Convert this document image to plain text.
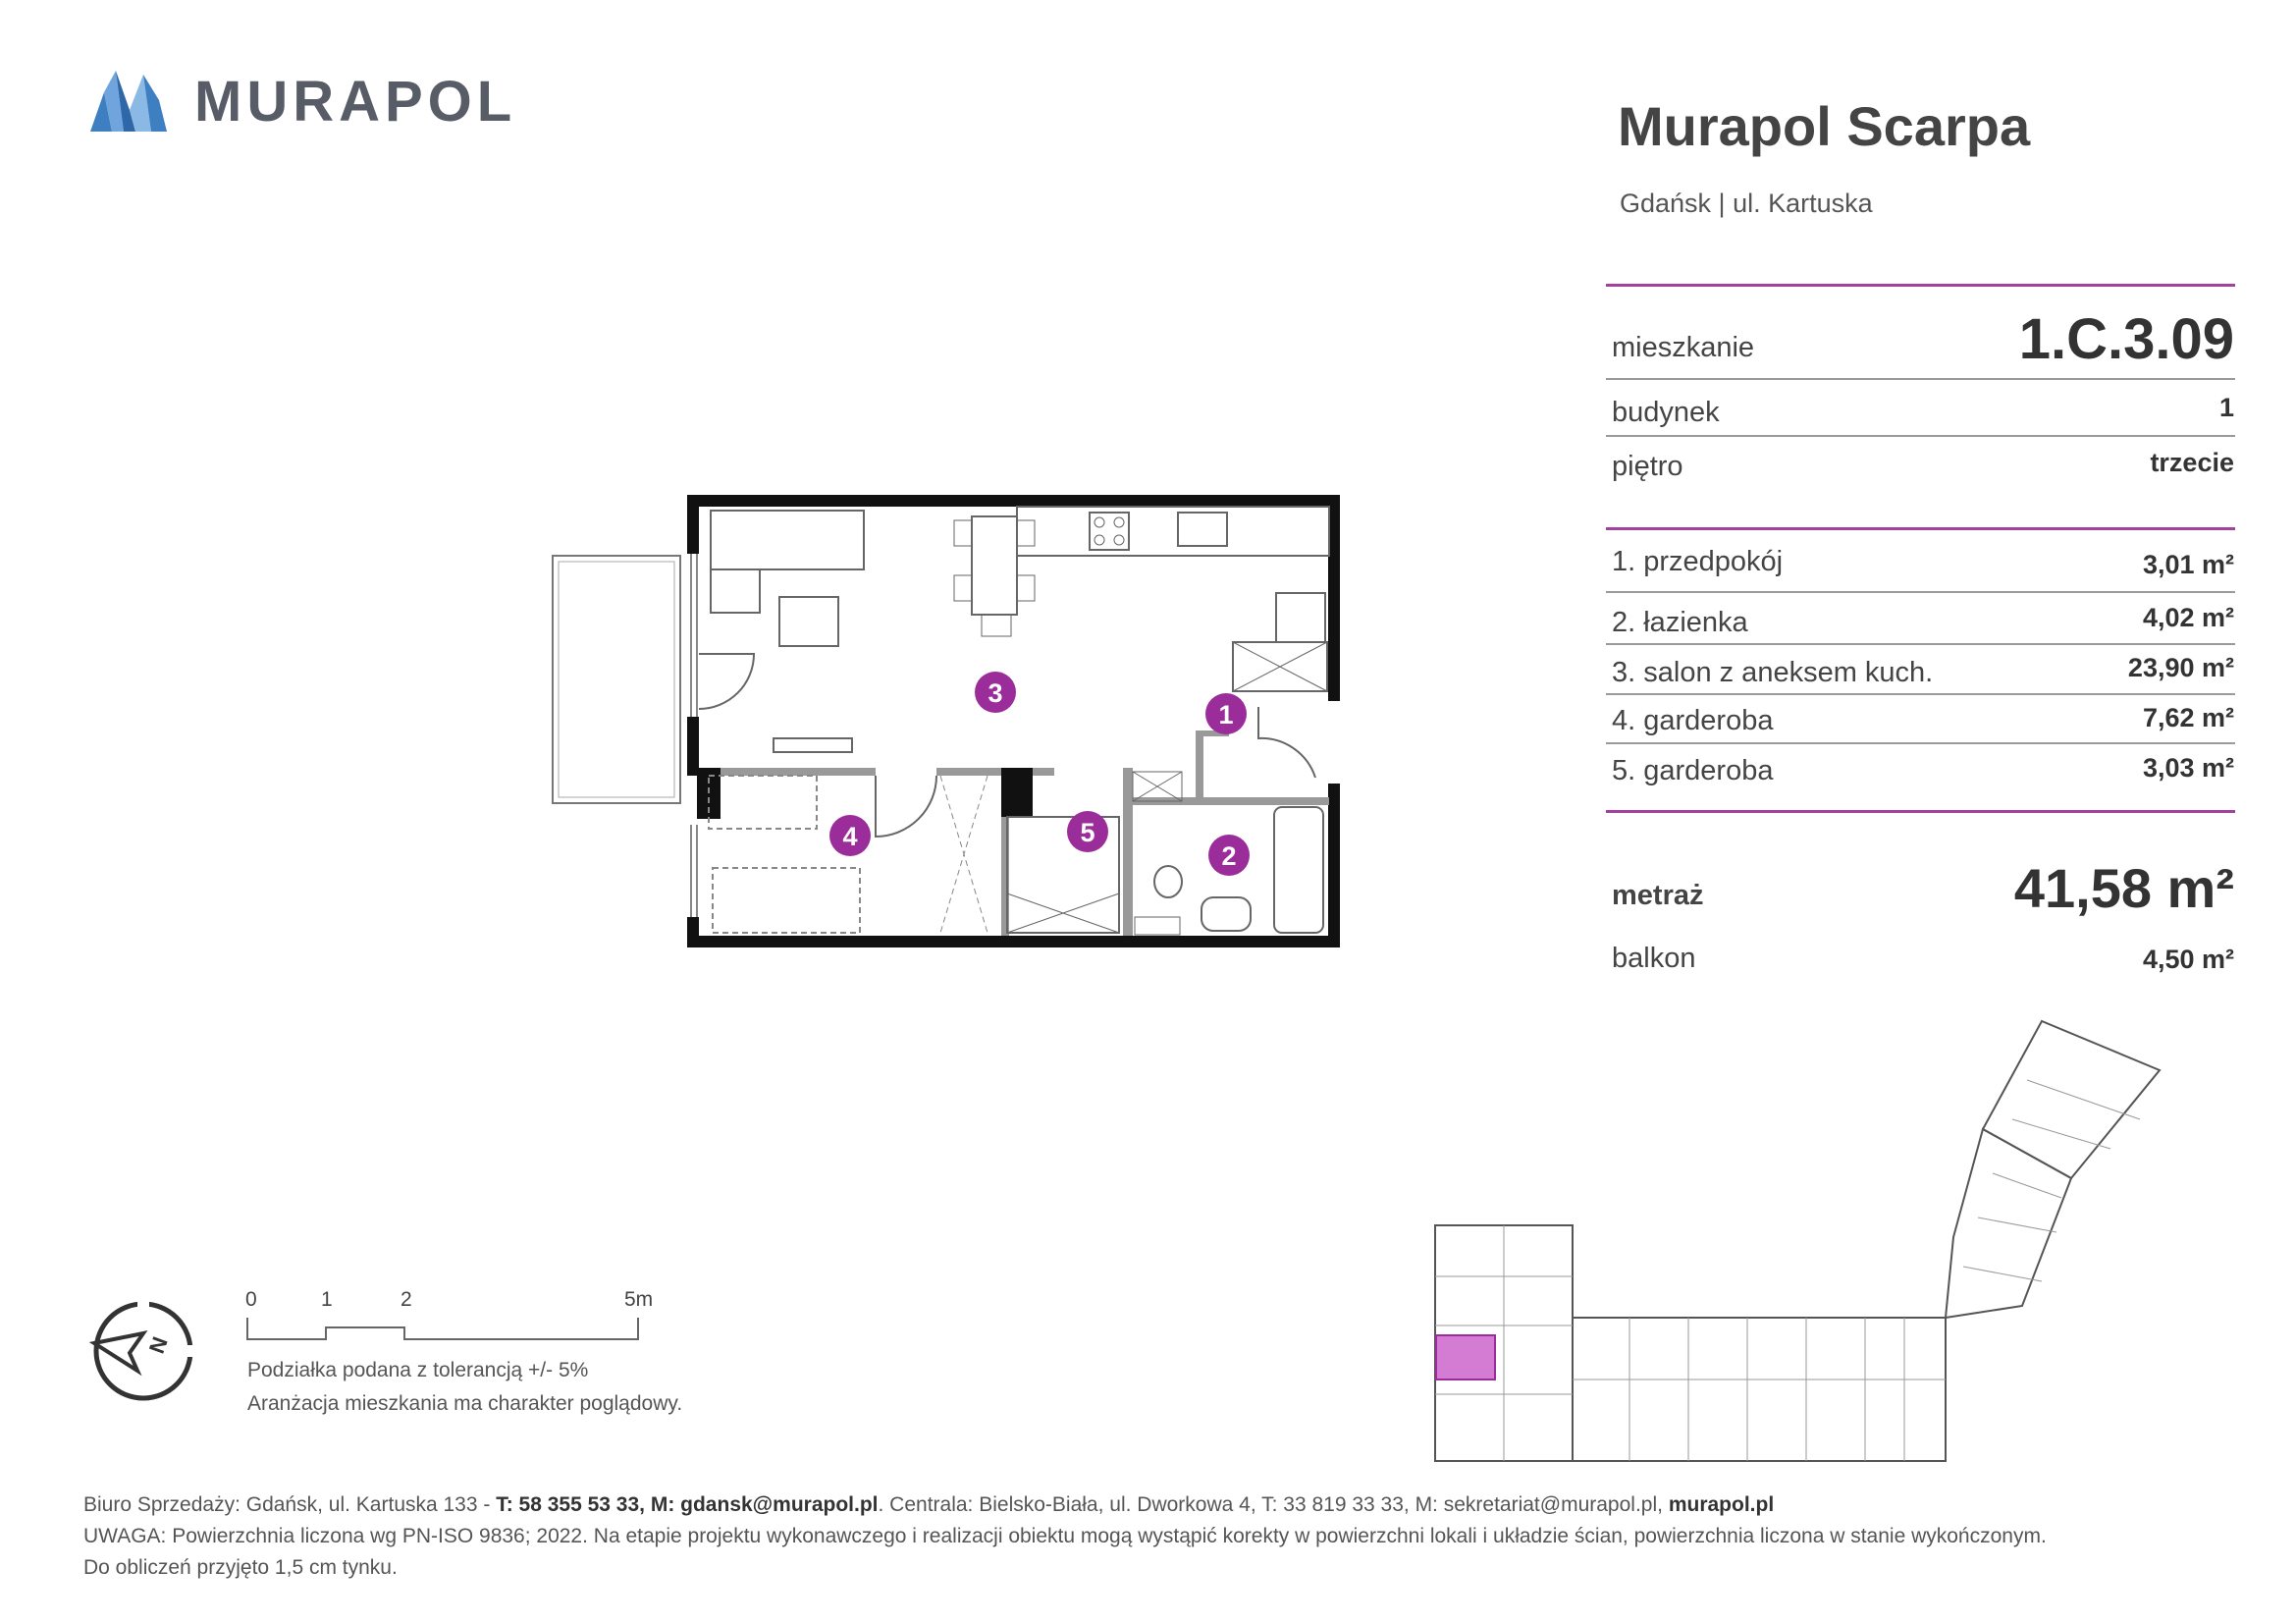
MURAPOL	Murapol Scarpa
Gdańsk | ul. Kartuska
mieszkanie	1.C.3.09
budynek	1
piętro	trzecie
1. przedpokój	3,01 m²
2. łazienka	4,02 m²
3. salon z aneksem kuch.	23,90 m²
4. garderoba	7,62 m²
5. garderoba	3,03 m²
metraż	41,58 m²
balkon	4,50 m²
1
2
3
4	5
N
0	1	2	5m
Podziałka podana z tolerancją +/- 5%
Aranżacja mieszkania ma charakter poglądowy.
Biuro Sprzedaży: Gdańsk, ul. Kartuska 133 - T: 58 355 53 33, M: gdansk@murapol.pl. Centrala: Bielsko-Biała, ul. Dworkowa 4, T: 33 819 33 33, M: sekretariat@murapol.pl, murapol.pl
UWAGA: Powierzchnia liczona wg PN-ISO 9836; 2022. Na etapie projektu wykonawczego i realizacji obiektu mogą wystąpić korekty w powierzchni lokali i układzie ścian, powierzchnia liczona w stanie wykończonym.
Do obliczeń przyjęto 1,5 cm tynku.
